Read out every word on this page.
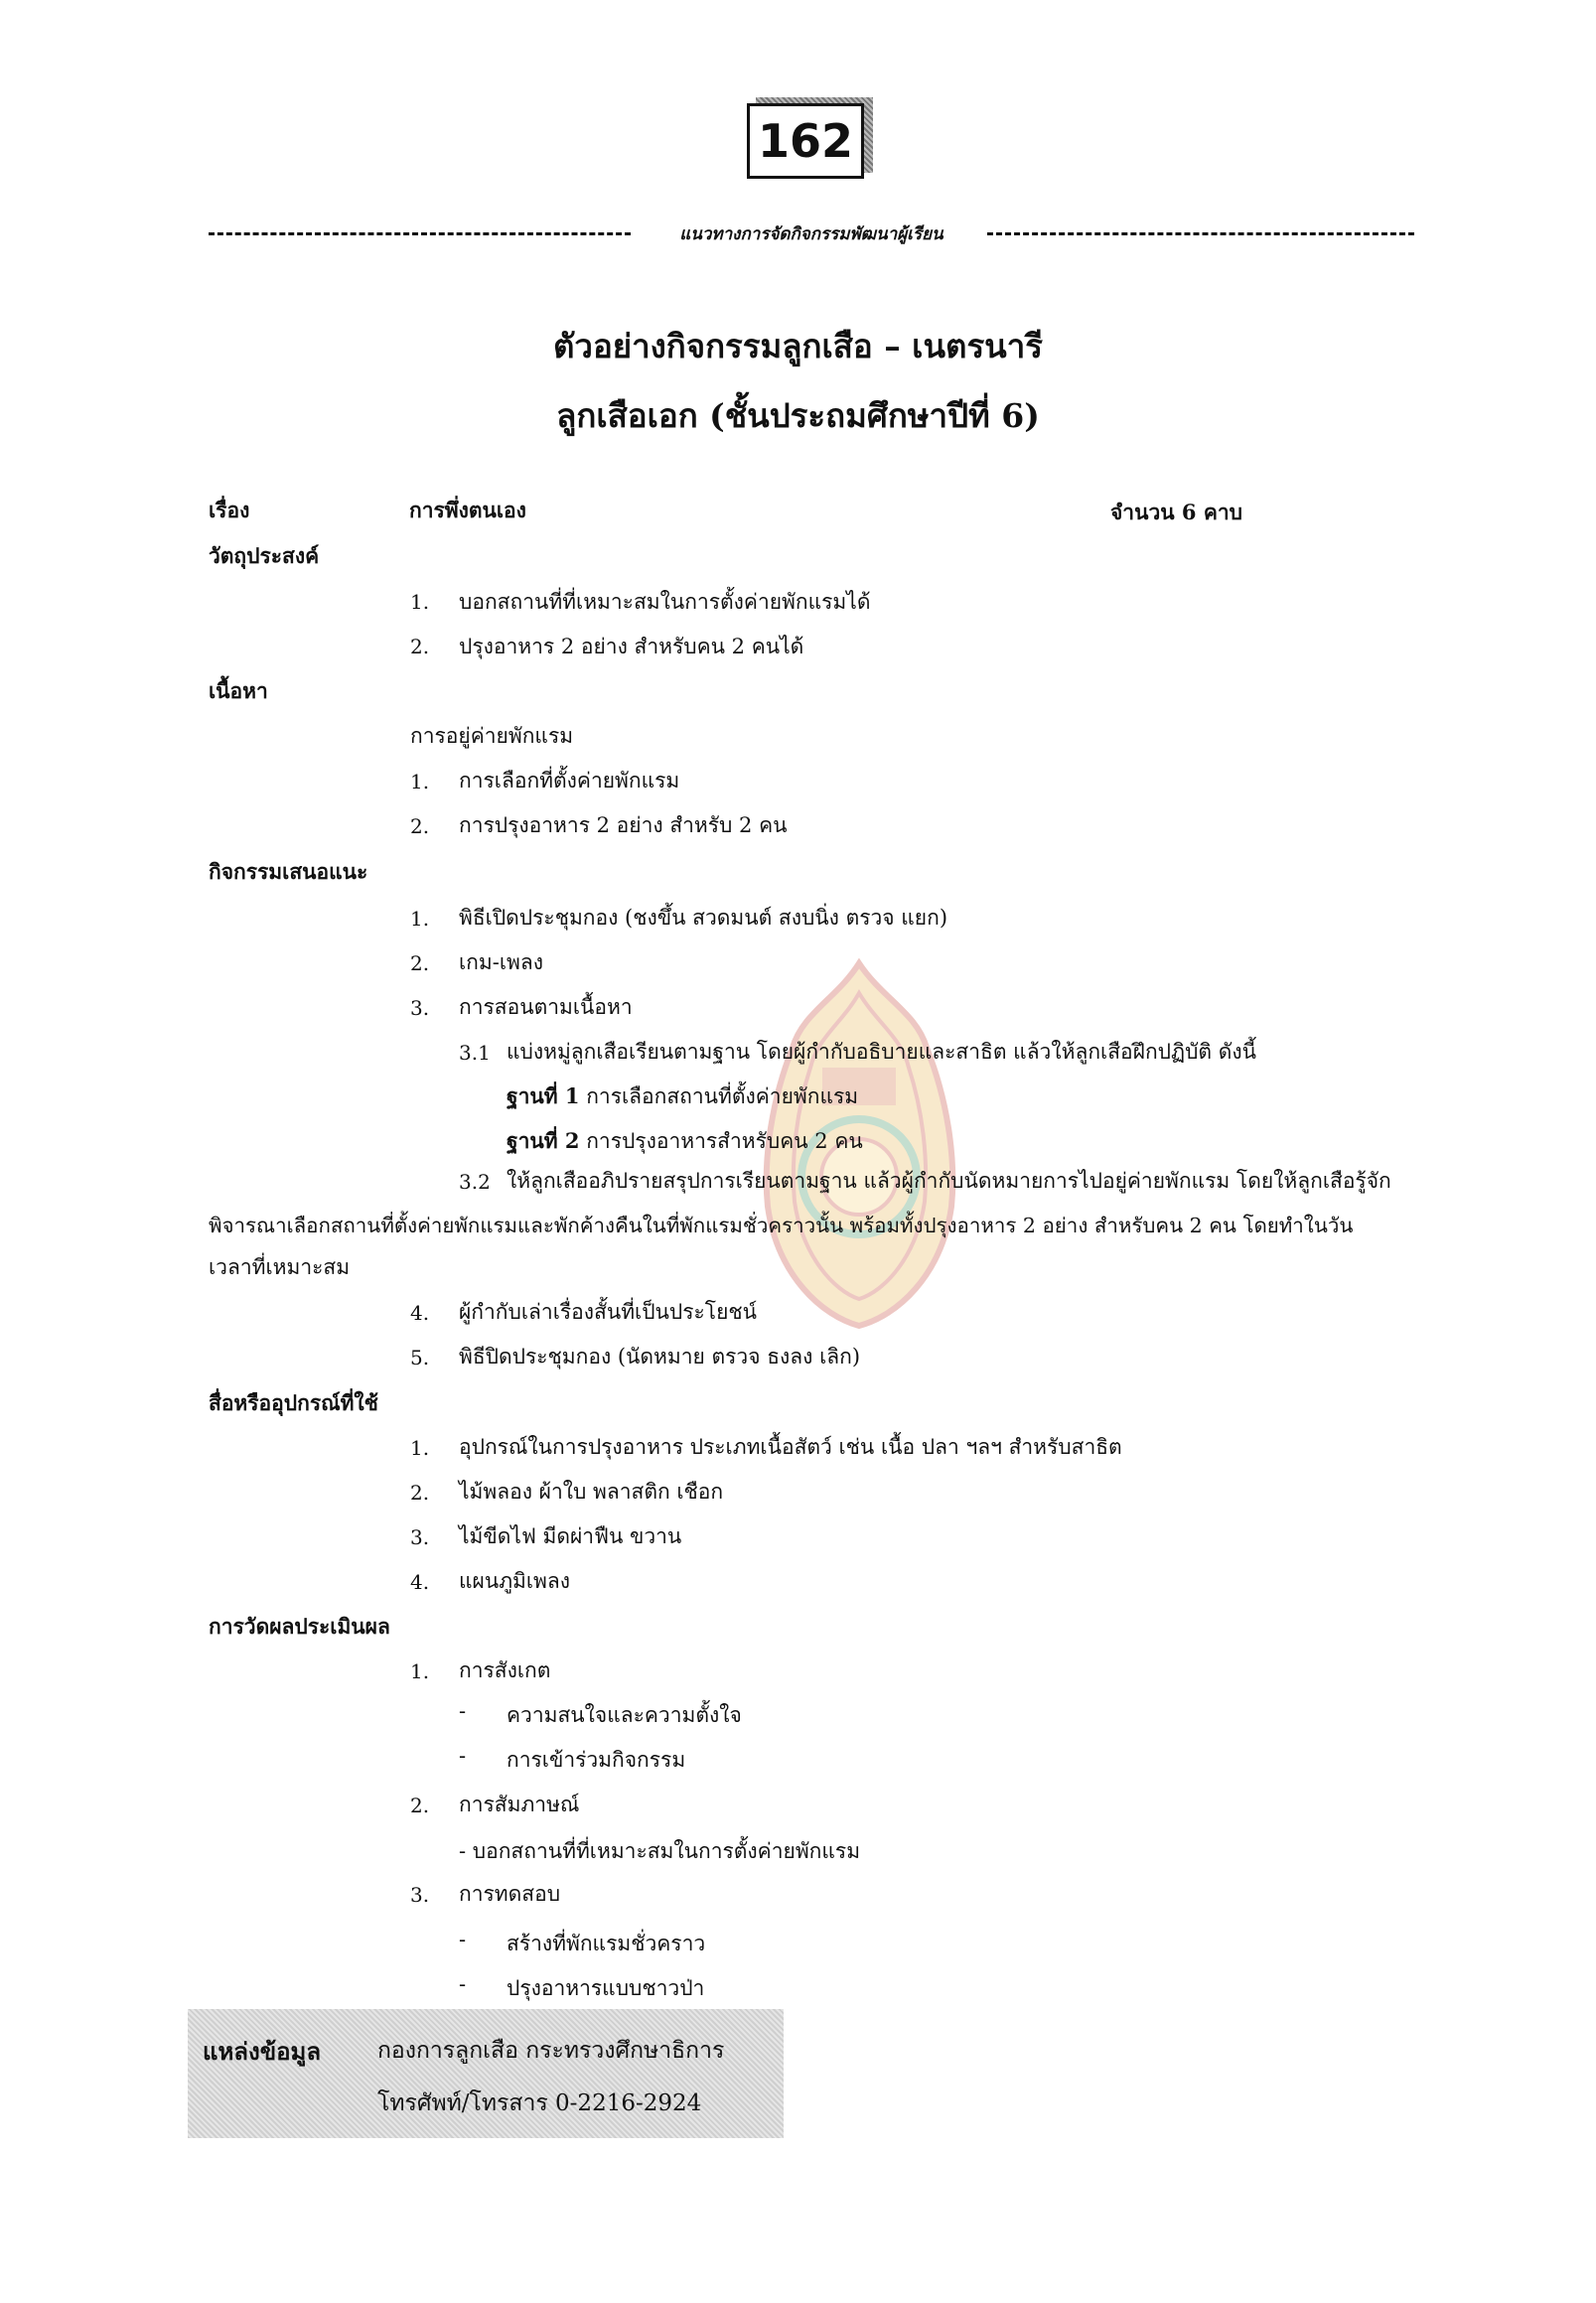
162
แนวทางการจัดกิจกรรมพัฒนาผู้เรียน
ตัวอย่างกิจกรรมลูกเสือ – เนตรนารี
ลูกเสือเอก (ชั้นประถมศึกษาปีที่ 6)
เรื่อง	การพึ่งตนเอง	จำนวน 6 คาบ
วัตถุประสงค์
1. บอกสถานที่ที่เหมาะสมในการตั้งค่ายพักแรมได้
2. ปรุงอาหาร 2 อย่าง สำหรับคน 2 คนได้
เนื้อหา
การอยู่ค่ายพักแรม
1. การเลือกที่ตั้งค่ายพักแรม
2. การปรุงอาหาร 2 อย่าง สำหรับ 2 คน
กิจกรรมเสนอแนะ
1. พิธีเปิดประชุมกอง (ชงขึ้น สวดมนต์ สงบนิ่ง ตรวจ แยก)
2. เกม-เพลง
3. การสอนตามเนื้อหา
3.1 แบ่งหมู่ลูกเสือเรียนตามฐาน โดยผู้กำกับอธิบายและสาธิต แล้วให้ลูกเสือฝึกปฏิบัติ ดังนี้
ฐานที่ 1 การเลือกสถานที่ตั้งค่ายพักแรม
ฐานที่ 2 การปรุงอาหารสำหรับคน 2 คน
3.2 ให้ลูกเสืออภิปรายสรุปการเรียนตามฐาน แล้วผู้กำกับนัดหมายการไปอยู่ค่ายพักแรม โดยให้ลูกเสือรู้จัก
พิจารณาเลือกสถานที่ตั้งค่ายพักแรมและพักค้างคืนในที่พักแรมชั่วคราวนั้น พร้อมทั้งปรุงอาหาร 2 อย่าง สำหรับคน 2 คน โดยทำในวัน
เวลาที่เหมาะสม
4. ผู้กำกับเล่าเรื่องสั้นที่เป็นประโยชน์
5. พิธีปิดประชุมกอง (นัดหมาย ตรวจ ธงลง เลิก)
สื่อหรืออุปกรณ์ที่ใช้
1. อุปกรณ์ในการปรุงอาหาร ประเภทเนื้อสัตว์ เช่น เนื้อ ปลา ฯลฯ สำหรับสาธิต
2. ไม้พลอง ผ้าใบ พลาสติก เชือก
3. ไม้ขีดไฟ มีดผ่าฟืน ขวาน
4. แผนภูมิเพลง
การวัดผลประเมินผล
1. การสังเกต
- ความสนใจและความตั้งใจ
- การเข้าร่วมกิจกรรม
2. การสัมภาษณ์
- บอกสถานที่ที่เหมาะสมในการตั้งค่ายพักแรม
3. การทดสอบ
- สร้างที่พักแรมชั่วคราว
- ปรุงอาหารแบบชาวป่า
แหล่งข้อมูล กองการลูกเสือ กระทรวงศึกษาธิการ
โทรศัพท์/โทรสาร 0-2216-2924
